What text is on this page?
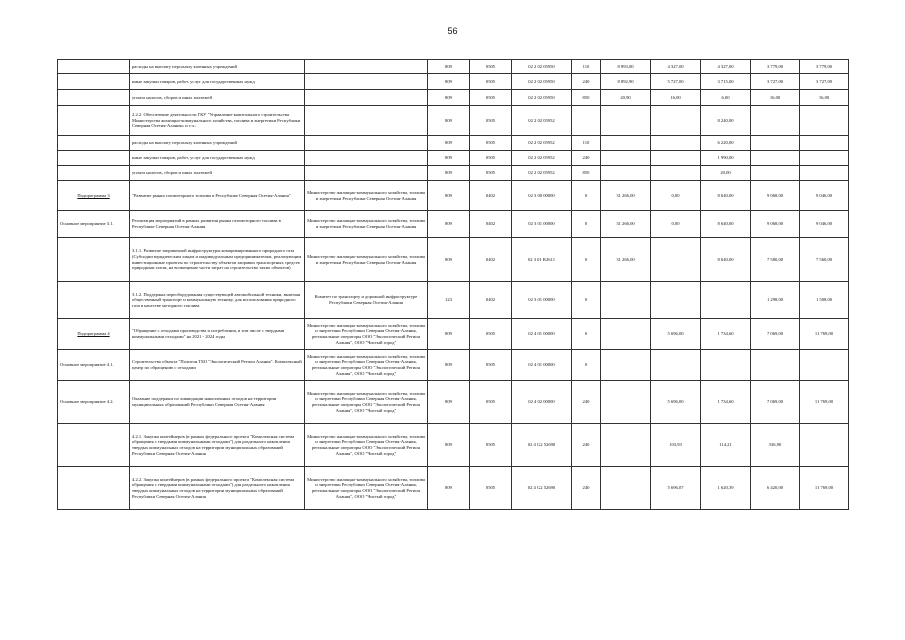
56
	расходы на выплату персоналу казенных учреждений		809	0505	02 2 02 05950	110	8 893,00	4 327,00	4 327,00	3 779,00	3 779,00
	иные закупки товаров, работ, услуг для государственных нужд		809	0505	02 2 02 05950	240	8 892,90	5 727,00	3 715,00	3 727,00	3 727,00
	уплата налогов, сборов и иных платежей		809	0505	02 2 02 05950	850	20,90	16,00	6,00	16,00	16,00
	2.2.2. Обеспечение деятельности ГКУ "Управление капитального строительства Министерства жилищно-коммунального хозяйства, топлива и энергетики Республики Северная Осетия-Алания» и т.ч.:		809	0505	02 2 02 05952				8 240,00		
	расходы на выплату персоналу казенных учреждений		809	0505	02 2 02 05952	110			6 220,00		
	иные закупки товаров, работ, услуг для государственных нужд		809	0505	02 2 02 05952	240			1 990,00		
	уплата налогов, сборов и иных платежей		809	0505	02 2 02 05952	850			20,00		
Подпрограмма 3	"Развитие рынка газомоторного топлива в Республике Северная Осетия-Алания"	Министерство жилищно-коммунального хозяйства, топлива и энергетики Республики Северная Осетия-Алания	809	0402	02 3 00 00000	0	31 266,00	0,00	8 640,00	9 068,00	9 046,00
Основное мероприятие 3.1.	Реализация мероприятий в рамках развития рынка газомоторного топлива в Республике Северная Осетия-Алания	Министерство жилищно-коммунального хозяйства, топлива и энергетики Республики Северная Осетия-Алания	809	0402	02 3 01 00000	0	31 266,00	0,00	8 640,00	9 068,00	9 046,00
	3.1.1. Развитие заправочной инфраструктуры компримированного природного газа (Субсидии юридическим лицам и индивидуальным предпринимателям, реализующим инвестиционные проекты по строительству объектов заправки транспортных средств природным газом, на возмещение части затрат на строительство таких объектов)	Министерство жилищно-коммунального хозяйства, топлива и энергетики Республики Северная Осетия-Алания	809	0402	02 3 01 R2611	0	31 266,00		8 640,00	7 580,00	7 560,00
	3.1.2. Поддержка переоборудования существующей автомобильной техники, включая общественный транспорт и коммунальную технику, для использования природного газа в качестве моторного топлива	Комитет по транспорту и дорожной инфраструктуре Республики Северная Осетия-Алания	123	0402	02 3 01 00000	0				1 298,00	1 508,00
Подпрограмма 4	"Обращение с отходами производства и потребления, в том числе с твердыми коммунальными отходами" на 2021 - 2024 годы	Министерство жилищно-коммунального хозяйства, топлива и энергетики Республики Северная Осетия-Алания, региональные операторы ООО "Экологический Регион Алания", ООО "Чистый город"	809	0505	02 4 01 00000	0		5 696,00	1 734,60	7 069,00	11 769,00
Основное мероприятие 4.1.	Строительство объекта "Полигон ТБО "Экологический Регион Алания". Комплексный центр по обращению с отходами	Министерство жилищно-коммунального хозяйства, топлива и энергетики Республики Северная Осетия-Алания, региональные операторы ООО "Экологический Регион Алания", ООО "Чистый город"	809	0505	02 4 01 00000	0					
Основное мероприятие 4.2.	Оказание поддержки по ликвидации накопленных отходов на территории муниципальных образований Республики Северная Осетия-Алания	Министерство жилищно-коммунального хозяйства, топлива и энергетики Республики Северная Осетия-Алания, региональные операторы ООО "Экологический Регион Алания", ООО "Чистый город"	809	0505	02 4 02 00000	240		5 696,00	1 734,60	7 069,00	11 769,00
	4.2.1. Закупка контейнеров (в рамках федерального проекта "Комплексная система обращения с твердыми коммунальными отходами") для раздельного накопления твердых коммунальных отходов на территории муниципальных образований Республики Северная Осетия-Алания	Министерство жилищно-коммунального хозяйства, топлива и энергетики Республики Северная Осетия-Алания, региональные операторы ООО "Экологический Регион Алания", ООО "Чистый город"	809	0505	02 4 G2 52690	240		103,93	114,21	336,90	
	4.2.2. Закупка контейнеров (в рамках федерального проекта "Комплексная система обращения с твердыми коммунальными отходами") для раздельного накопления твердых коммунальных отходов на территории муниципальных образований Республики Северная Осетия-Алания	Министерство жилищно-коммунального хозяйства, топлива и энергетики Республики Северная Осетия-Алания, региональные операторы ООО "Экологический Регион Алания", ООО "Чистый город"	809	0505	02 4 G2 52690	240		5 696,07	1 620,39	6 420,00	11 769,00
